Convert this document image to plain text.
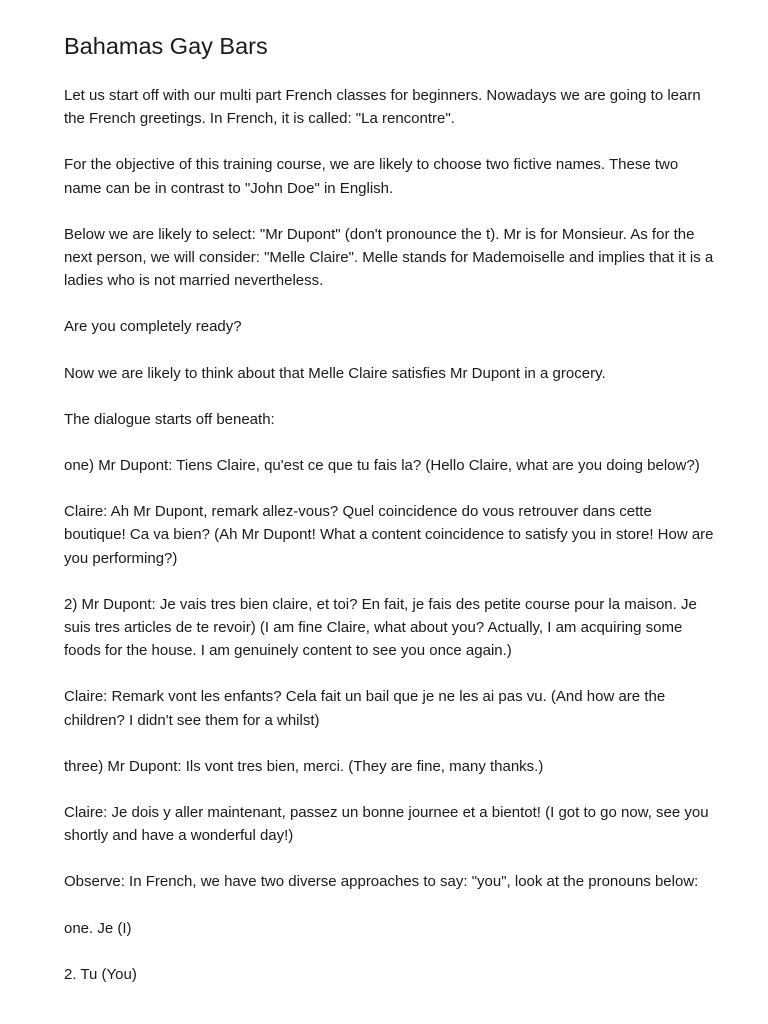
Bahamas Gay Bars

Let us start off with our multi part French classes for beginners. Nowadays we are going to learn the French greetings. In French, it is called: "La rencontre".

For the objective of this training course, we are likely to choose two fictive names. These two name can be in contrast to "John Doe" in English.

Below we are likely to select: "Mr Dupont" (don't pronounce the t). Mr is for Monsieur. As for the next person, we will consider: "Melle Claire". Melle stands for Mademoiselle and implies that it is a ladies who is not married nevertheless.

Are you completely ready?

Now we are likely to think about that Melle Claire satisfies Mr Dupont in a grocery.

The dialogue starts off beneath:

one) Mr Dupont: Tiens Claire, qu'est ce que tu fais la? (Hello Claire, what are you doing below?)

Claire: Ah Mr Dupont, remark allez-vous? Quel coincidence do vous retrouver dans cette boutique! Ca va bien? (Ah Mr Dupont! What a content coincidence to satisfy you in store! How are you performing?)

2) Mr Dupont: Je vais tres bien claire, et toi? En fait, je fais des petite course pour la maison. Je suis tres articles de te revoir) (I am fine Claire, what about you? Actually, I am acquiring some foods for the house. I am genuinely content to see you once again.)

Claire: Remark vont les enfants? Cela fait un bail que je ne les ai pas vu. (And how are the children? I didn't see them for a whilst)

three) Mr Dupont: Ils vont tres bien, merci. (They are fine, many thanks.)

Claire: Je dois y aller maintenant, passez un bonne journee et a bientot! (I got to go now, see you shortly and have a wonderful day!)

Observe: In French, we have two diverse approaches to say: "you", look at the pronouns below:

one. Je (I)

2. Tu (You)
